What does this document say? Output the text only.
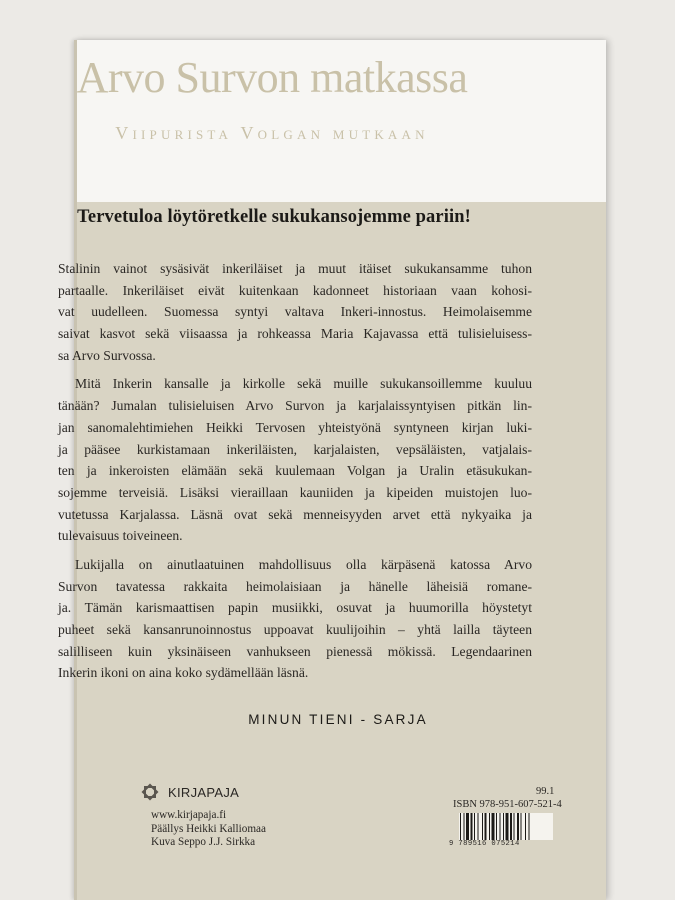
Arvo Survon matkassa
Viipurista Volgan mutkaan
Tervetuloa löytöretkelle sukukansojemme pariin!
Stalinin vainot sysäsivät inkeriläiset ja muut itäiset sukukansamme tuhon
partaalle. Inkeriläiset eivät kuitenkaan kadonneet historiaan vaan kohosi-
vat uudelleen. Suomessa syntyi valtava Inkeri-innostus. Heimolaisemme
saivat kasvot sekä viisaassa ja rohkeassa Maria Kajavassa että tulisieluisess-
sa Arvo Survossa.
Mitä Inkerin kansalle ja kirkolle sekä muille sukukansoillemme kuuluu
tänään? Jumalan tulisieluisen Arvo Survon ja karjalaissyntyisen pitkän lin-
jan sanomalehtimiehen Heikki Tervosen yhteistyönä syntyneen kirjan luki-
ja pääsee kurkistamaan inkeriläisten, karjalaisten, vepsäläisten, vatjalais-
ten ja inkeroisten elämään sekä kuulemaan Volgan ja Uralin etäsukukan-
sojemme terveisiä. Lisäksi vieraillaan kauniiden ja kipeiden muistojen luo-
vutetussa Karjalassa. Läsnä ovat sekä menneisyyden arvet että nykyaika ja
tulevaisuus toiveineen.
Lukijalla on ainutlaatuinen mahdollisuus olla kärpäsenä katossa Arvo
Survon tavatessa rakkaita heimolaisiaan ja hänelle läheisiä romane-
ja. Tämän karismaattisen papin musiikki, osuvat ja huumorilla höystetyt
puheet sekä kansanrunoinnostus uppoavat kuulijoihin – yhtä lailla täyteen
salilliseen kuin yksinäiseen vanhukseen pienessä mökissä. Legendaarinen
Inkerin ikoni on aina koko sydämellään läsnä.
MINUN TIENI - SARJA
KIRJAPAJA
www.kirjapaja.fi
Päällys Heikki Kalliomaa
Kuva Seppo J.J. Sirkka
99.1
ISBN 978-951-607-521-4
9 789516 075214
